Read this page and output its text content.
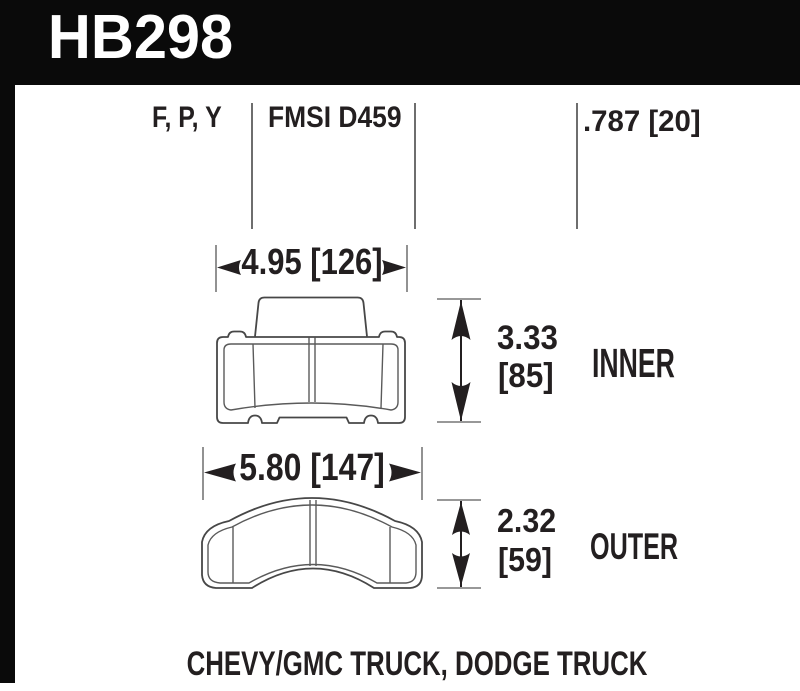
HB298
F, P, Y FMSI D459	.787 [20]
4.95 [126]
3.33
[85] INNER
5.80 [147]
2.32
[59] OUTER
CHEVY/GMC TRUCK, DODGE TRUCK
